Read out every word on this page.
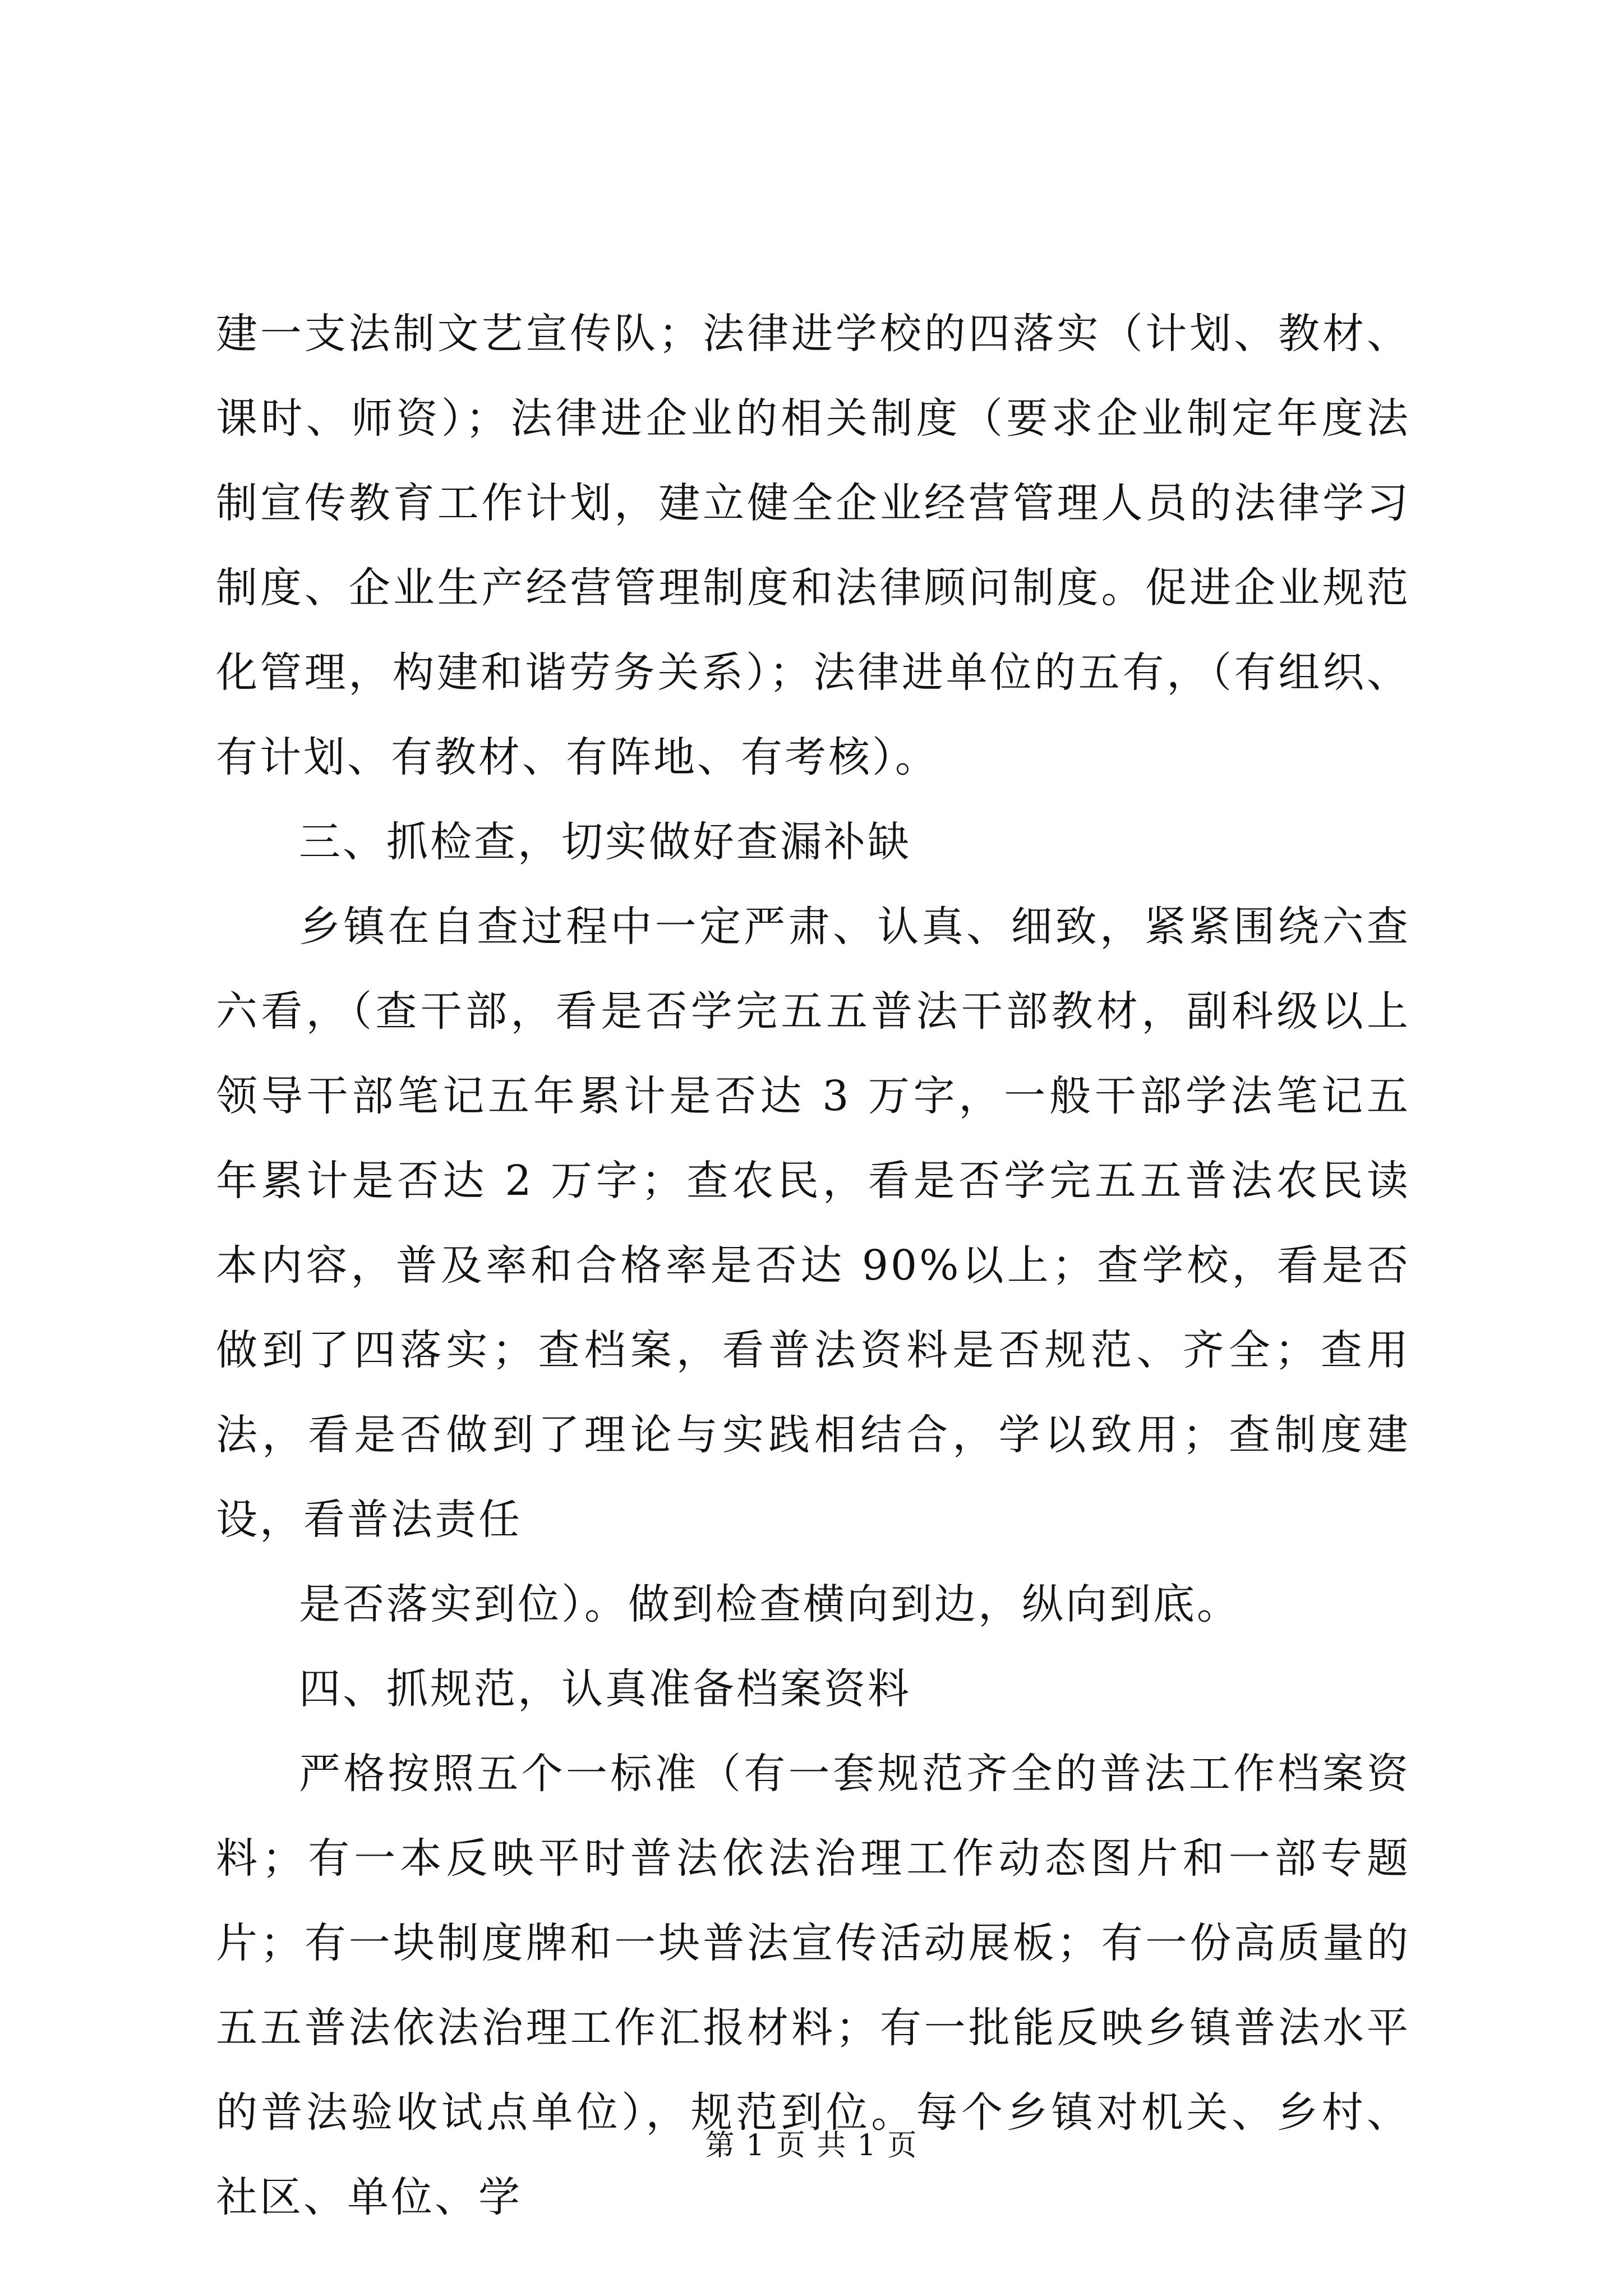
建一支法制文艺宣传队；法律进学校的四落实（计划、教材、课时、师资）；法律进企业的相关制度（要求企业制定年度法制宣传教育工作计划，建立健全企业经营管理人员的法律学习制度、企业生产经营管理制度和法律顾问制度。促进企业规范化管理，构建和谐劳务关系）；法律进单位的五有，（有组织、有计划、有教材、有阵地、有考核）。

三、抓检查，切实做好查漏补缺

乡镇在自查过程中一定严肃、认真、细致，紧紧围绕六查六看，（查干部，看是否学完五五普法干部教材，副科级以上领导干部笔记五年累计是否达 3 万字，一般干部学法笔记五年累计是否达 2 万字；查农民，看是否学完五五普法农民读本内容，普及率和合格率是否达 90%以上；查学校，看是否做到了四落实；查档案，看普法资料是否规范、齐全；查用法，看是否做到了理论与实践相结合，学以致用；查制度建设，看普法责任

是否落实到位）。做到检查横向到边，纵向到底。

四、抓规范，认真准备档案资料

严格按照五个一标准（有一套规范齐全的普法工作档案资料；有一本反映平时普法依法治理工作动态图片和一部专题片；有一块制度牌和一块普法宣传活动展板；有一份高质量的五五普法依法治理工作汇报材料；有一批能反映乡镇普法水平的普法验收试点单位），规范到位。每个乡镇对机关、乡村、社区、单位、学

第 1 页 共 1 页
